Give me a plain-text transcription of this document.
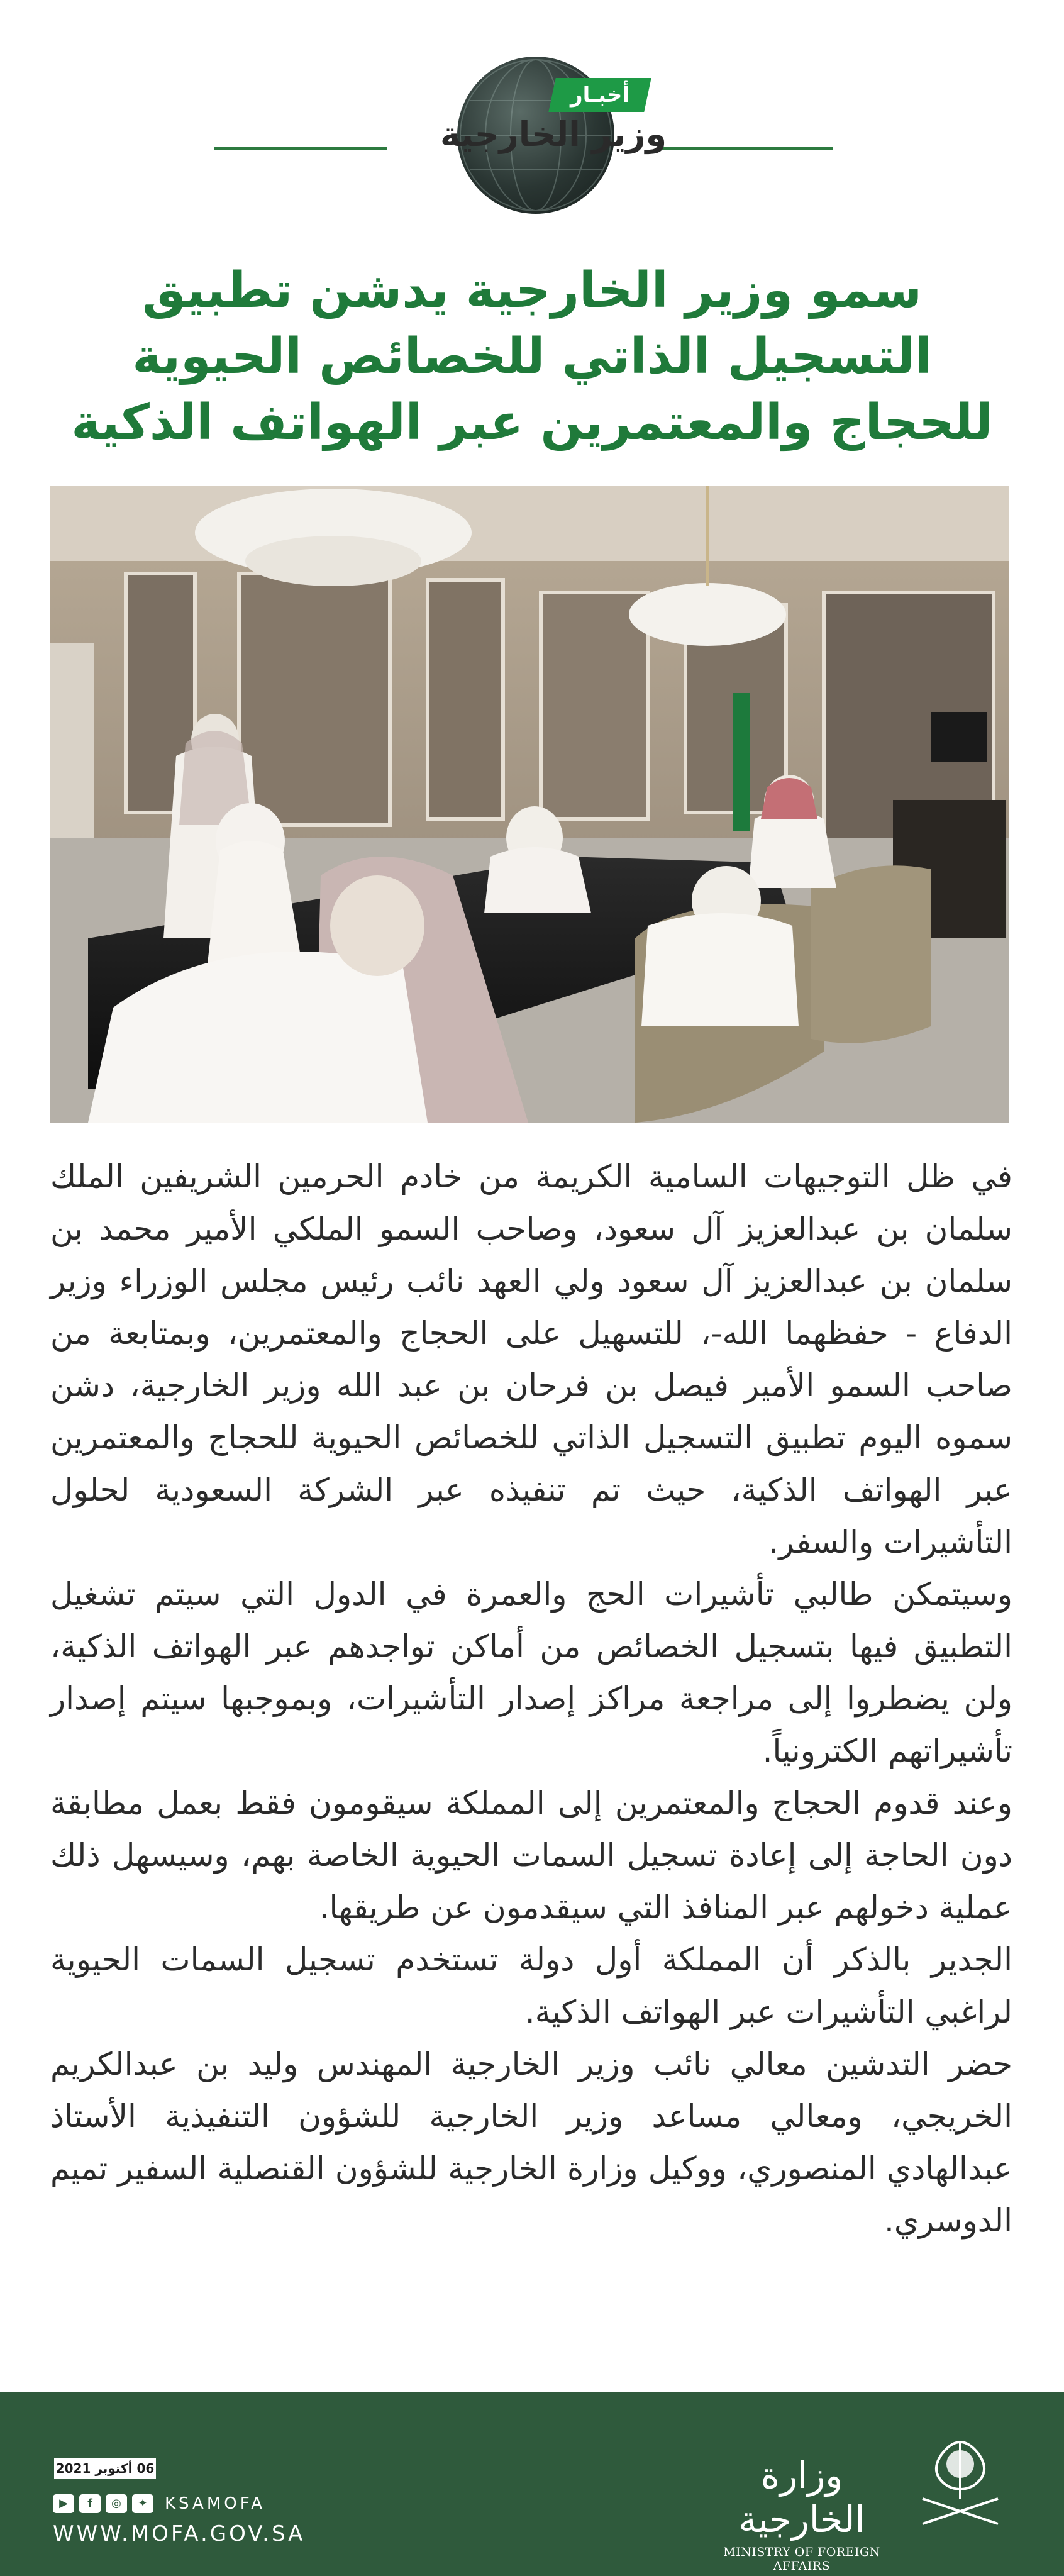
أخبـار
وزير الخارجية
سمو وزير الخارجية يدشن تطبيق التسجيل الذاتي للخصائص الحيوية للحجاج والمعتمرين عبر الهواتف الذكية

في ظل التوجيهات السامية الكريمة من خادم الحرمين الشريفين الملك سلمان بن عبدالعزيز آل سعود، وصاحب السمو الملكي الأمير محمد بن سلمان بن عبدالعزيز آل سعود ولي العهد نائب رئيس مجلس الوزراء وزير الدفاع - حفظهما الله-، للتسهيل على الحجاج والمعتمرين، وبمتابعة من صاحب السمو الأمير فيصل بن فرحان بن عبد الله وزير الخارجية، دشن سموه اليوم تطبيق التسجيل الذاتي للخصائص الحيوية للحجاج والمعتمرين عبر الهواتف الذكية، حيث تم تنفيذه عبر الشركة السعودية لحلول التأشيرات والسفر.

وسيتمكن طالبي تأشيرات الحج والعمرة في الدول التي سيتم تشغيل التطبيق فيها بتسجيل الخصائص من أماكن تواجدهم عبر الهواتف الذكية، ولن يضطروا إلى مراجعة مراكز إصدار التأشيرات، وبموجبها سيتم إصدار تأشيراتهم الكترونياً.

وعند قدوم الحجاج والمعتمرين إلى المملكة سيقومون فقط بعمل مطابقة دون الحاجة إلى إعادة تسجيل السمات الحيوية الخاصة بهم، وسيسهل ذلك عملية دخولهم عبر المنافذ التي سيقدمون عن طريقها.

الجدير بالذكر أن المملكة أول دولة تستخدم تسجيل السمات الحيوية لراغبي التأشيرات عبر الهواتف الذكية.

حضر التدشين معالي نائب وزير الخارجية المهندس وليد بن عبدالكريم الخريجي، ومعالي مساعد وزير الخارجية للشؤون التنفيذية الأستاذ عبدالهادي المنصوري، ووكيل وزارة الخارجية للشؤون القنصلية السفير تميم الدوسري.

06 أكتوبر 2021
▶	f	◎	✦	KSAMOFA
WWW.MOFA.GOV.SA
وزارة الخارجية
MINISTRY OF FOREIGN AFFAIRS
